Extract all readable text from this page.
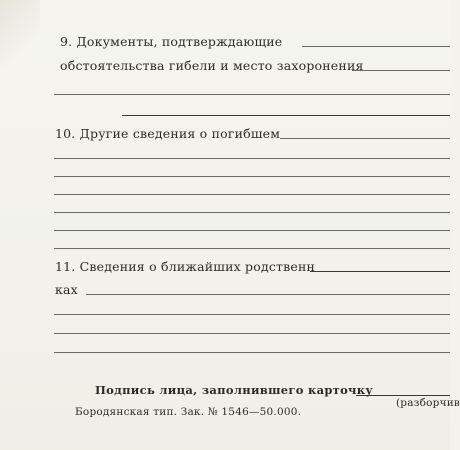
9. Документы, подтверждающие
обстоятельства гибели и место захоронения
10. Другие сведения о погибшем
11. Сведения о ближайших родственн
ках
Подпись лица, заполнившего карточку
(разборчив
Бородянская тип. Зак. № 1546—50.000.
